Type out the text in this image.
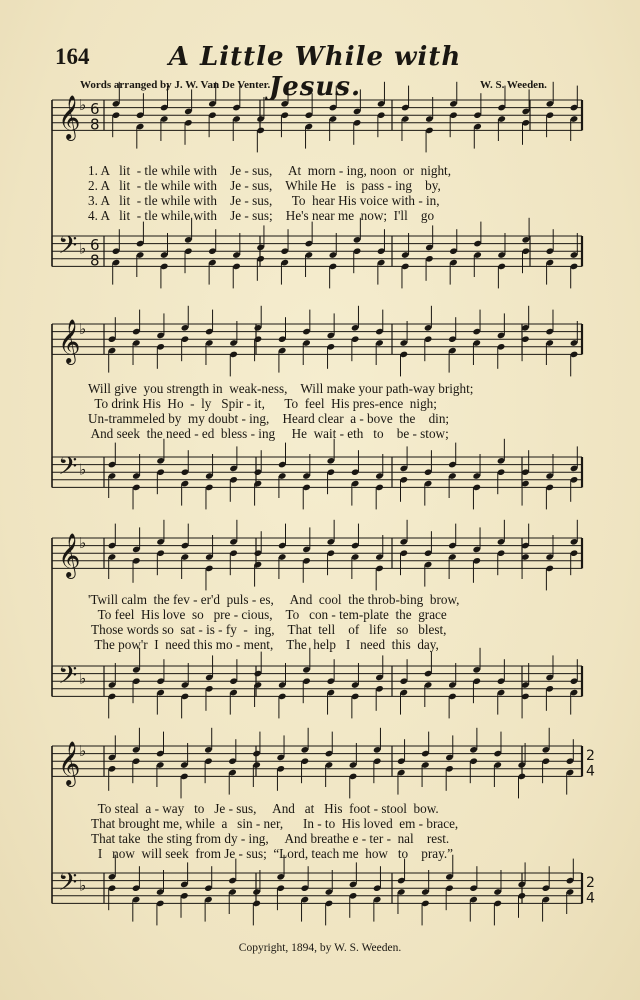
164	A Little While with Jesus.
Words arranged by J. W. Van De Venter.	W. S. Weeden.
𝄞
𝄢
♭
♭
6
8
6
8
𝄞
𝄢
♭
♭
𝄞
𝄢
♭
♭
𝄞
𝄢
♭
♭
2
4
2
4
1. A   lit  - tle while with    Je - sus,     At  morn - ing, noon  or  night,
2. A   lit  - tle while with    Je - sus,    While He   is  pass - ing    by,
3. A   lit  - tle while with    Je - sus,      To  hear His voice with - in,
4. A   lit  - tle while with    Je - sus;    He's near me  now;  I'll    go
Will give  you strength in  weak-ness,    Will make your path-way bright;
To drink His  Ho  -  ly   Spir - it,      To  feel  His pres-ence  nigh;
Un-trammeled by  my doubt - ing,    Heard clear  a - bove  the    din;
And seek  the need - ed  bless - ing     He  wait - eth   to    be - stow;
'Twill calm  the fev - er'd  puls - es,     And  cool  the throb-bing  brow,
To feel  His love  so   pre - cious,    To   con - tem-plate  the  grace
Those words so  sat - is - fy  -  ing,    That  tell    of   life   so   blest,
The pow'r  I  need this mo - ment,    The  help   I   need  this  day,
To steal  a - way   to   Je - sus,     And   at   His  foot - stool  bow.
That brought me, while  a   sin - ner,      In - to  His loved  em - brace,
That take  the sting from dy - ing,     And breathe e - ter -  nal    rest.
I   now  will seek  from Je - sus;  “Lord, teach me  how   to    pray.”
Copyright, 1894, by W. S. Weeden.
